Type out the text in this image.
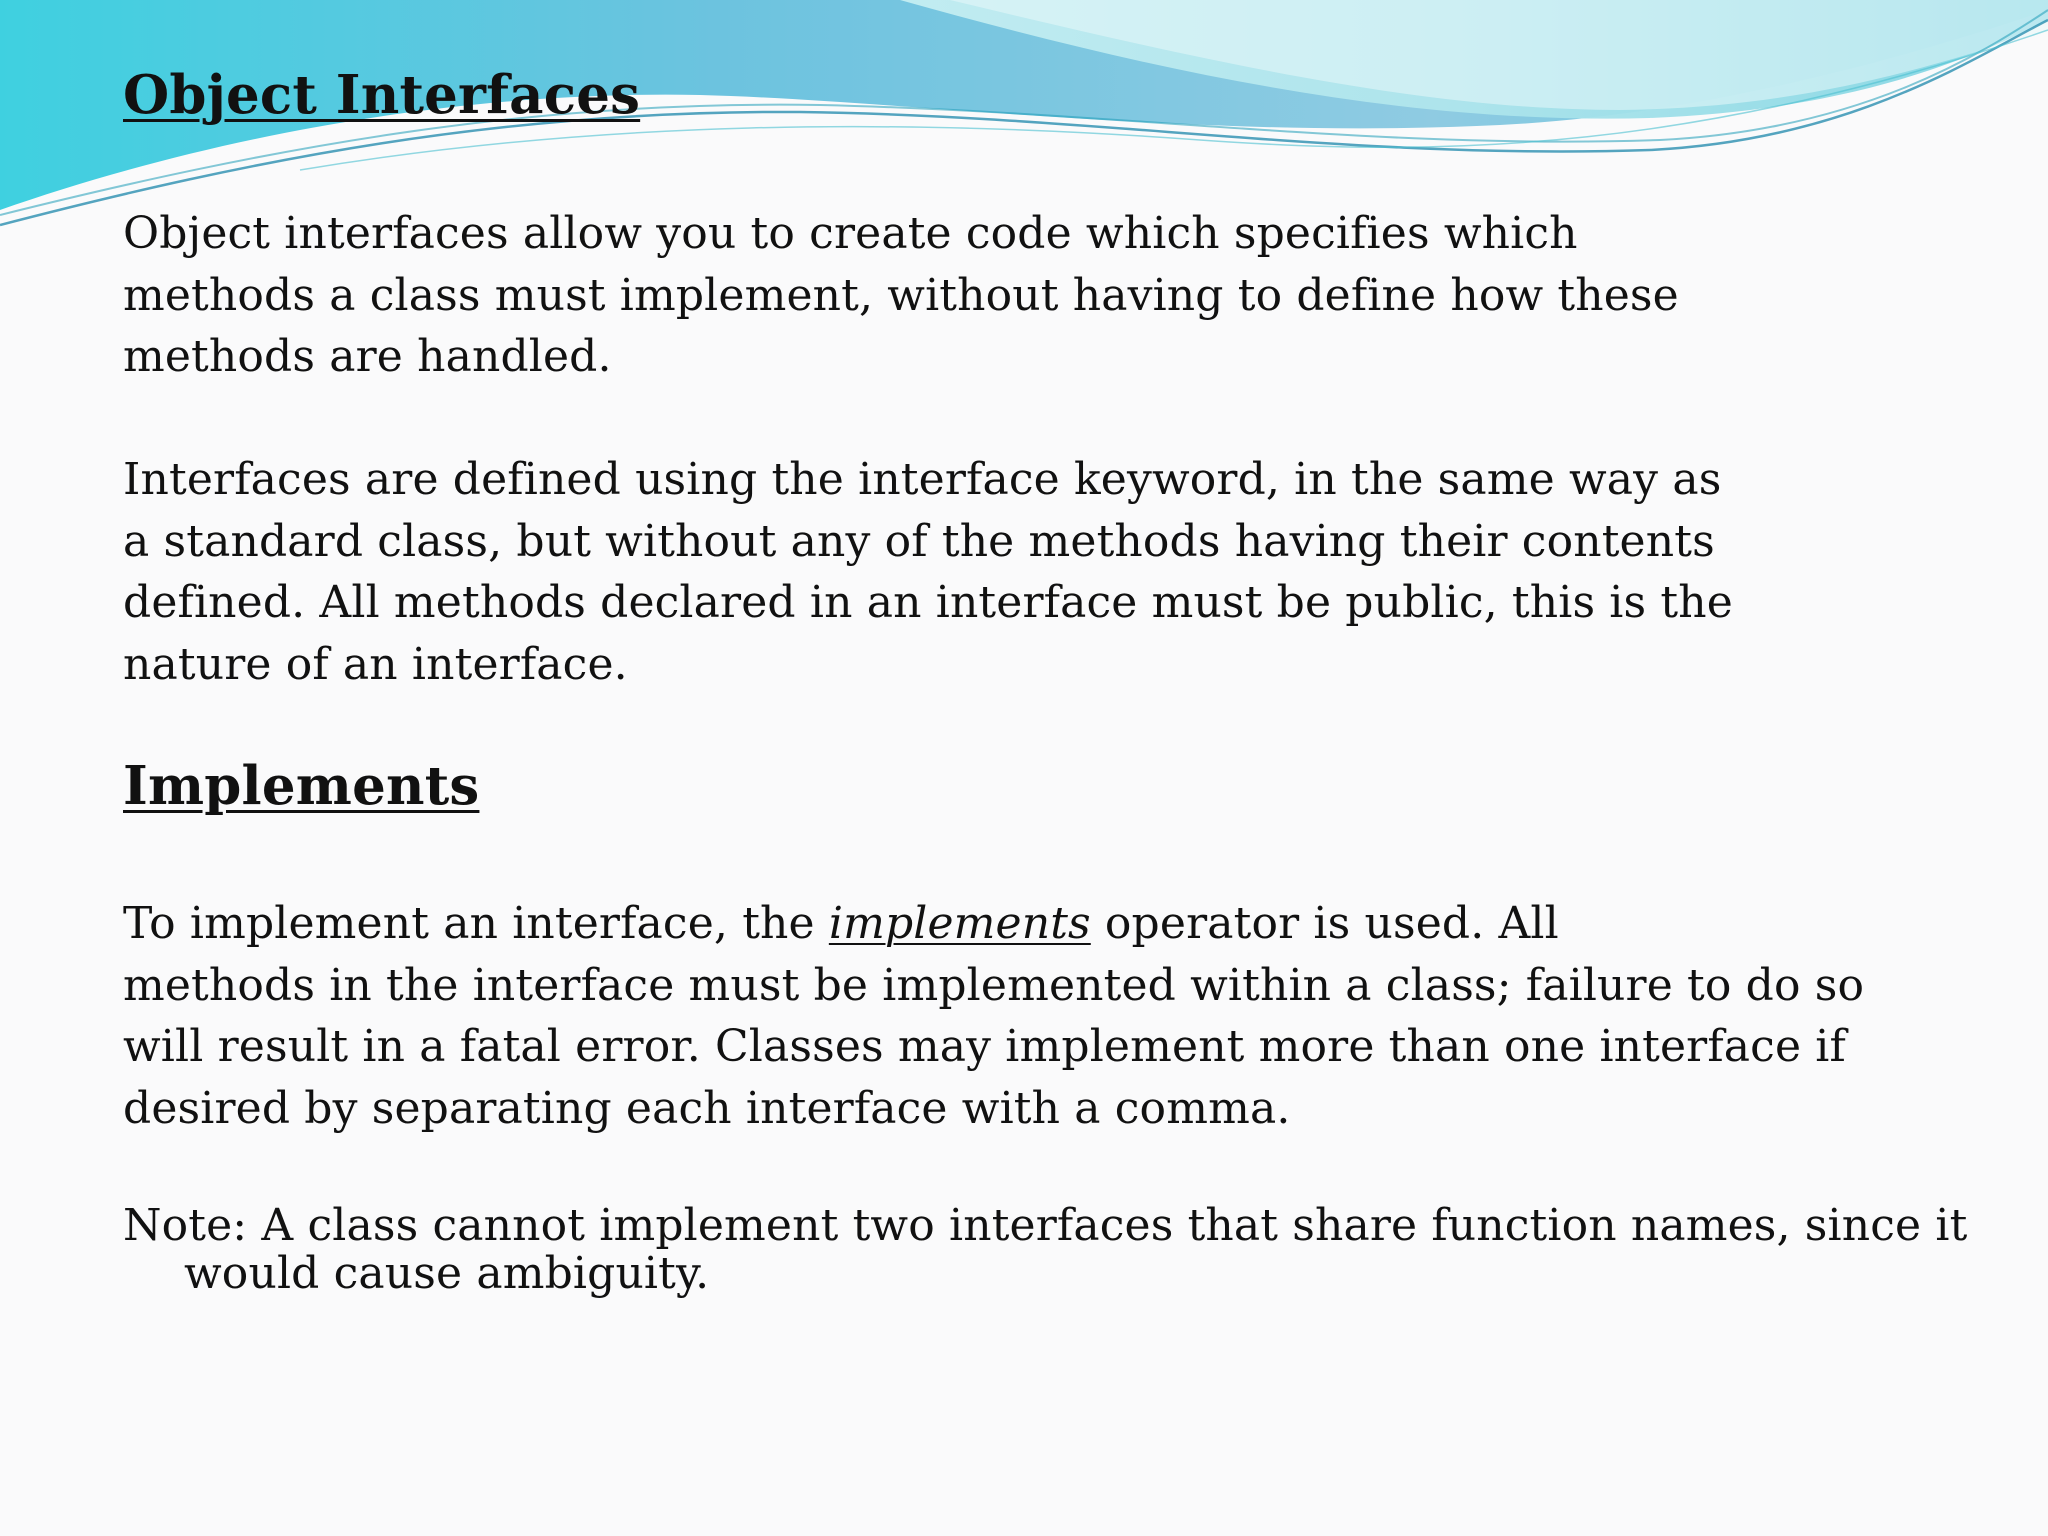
Object Interfaces

Object interfaces allow you to create code which specifies which
methods a class must implement, without having to define how these
methods are handled.

Interfaces are defined using the interface keyword, in the same way as
a standard class, but without any of the methods having their contents
defined. All methods declared in an interface must be public, this is the
nature of an interface.

Implements

To implement an interface, the implements operator is used. All
methods in the interface must be implemented within a class; failure to do so
will result in a fatal error. Classes may implement more than one interface if
desired by separating each interface with a comma.

Note: A class cannot implement two interfaces that share function names, since it
would cause ambiguity.
